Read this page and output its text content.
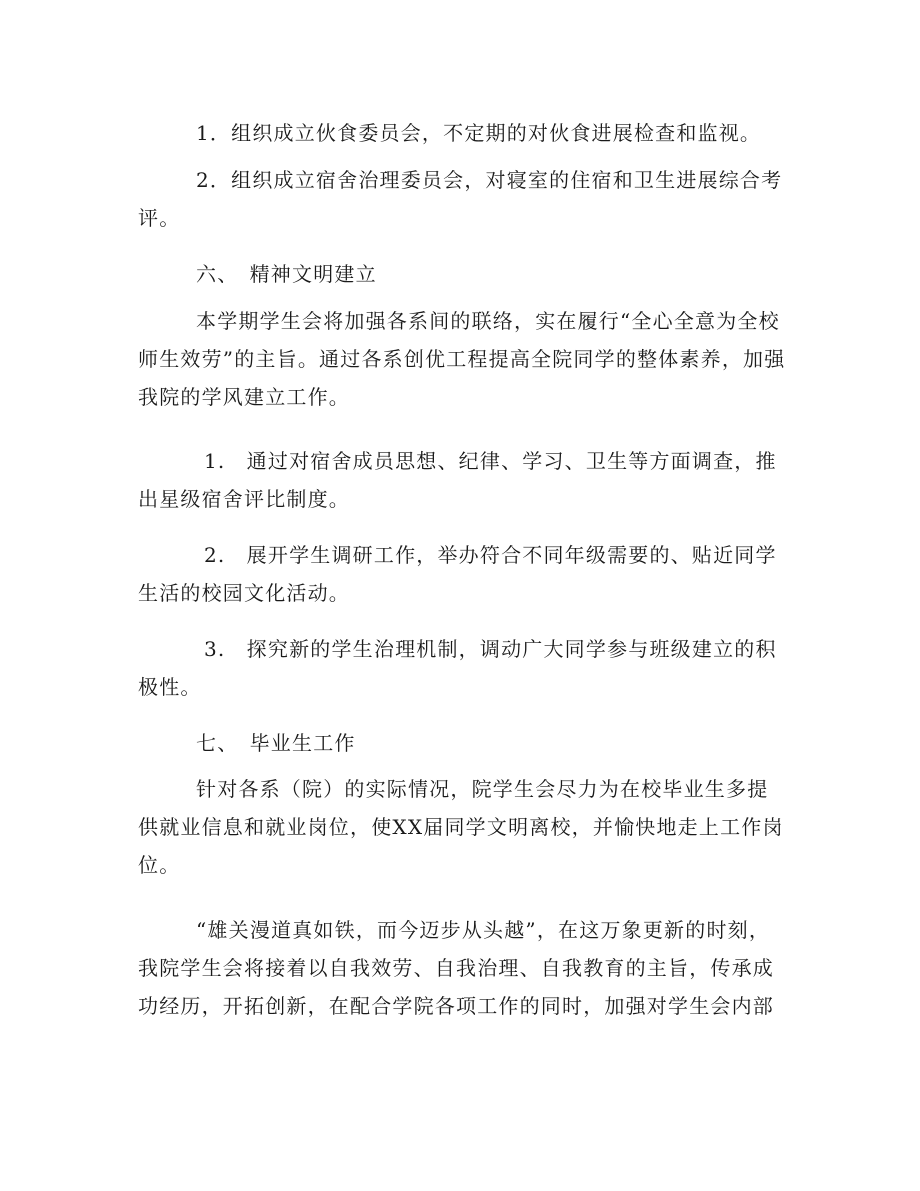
1．组织成立伙食委员会，不定期的对伙食进展检查和监视。

2．组织成立宿舍治理委员会，对寝室的住宿和卫生进展综合考评。

六、　精神文明建立

本学期学生会将加强各系间的联络，实在履行“全心全意为全校师生效劳”的主旨。通过各系创优工程提高全院同学的整体素养，加强我院的学风建立工作。

1.　通过对宿舍成员思想、纪律、学习、卫生等方面调查，推出星级宿舍评比制度。

2.　展开学生调研工作，举办符合不同年级需要的、贴近同学生活的校园文化活动。

3.　探究新的学生治理机制，调动广大同学参与班级建立的积极性。

七、　毕业生工作

针对各系（院）的实际情况，院学生会尽力为在校毕业生多提供就业信息和就业岗位，使XX届同学文明离校，并愉快地走上工作岗位。

“雄关漫道真如铁，而今迈步从头越”，在这万象更新的时刻，我院学生会将接着以自我效劳、自我治理、自我教育的主旨，传承成功经历，开拓创新，在配合学院各项工作的同时，加强对学生会内部
